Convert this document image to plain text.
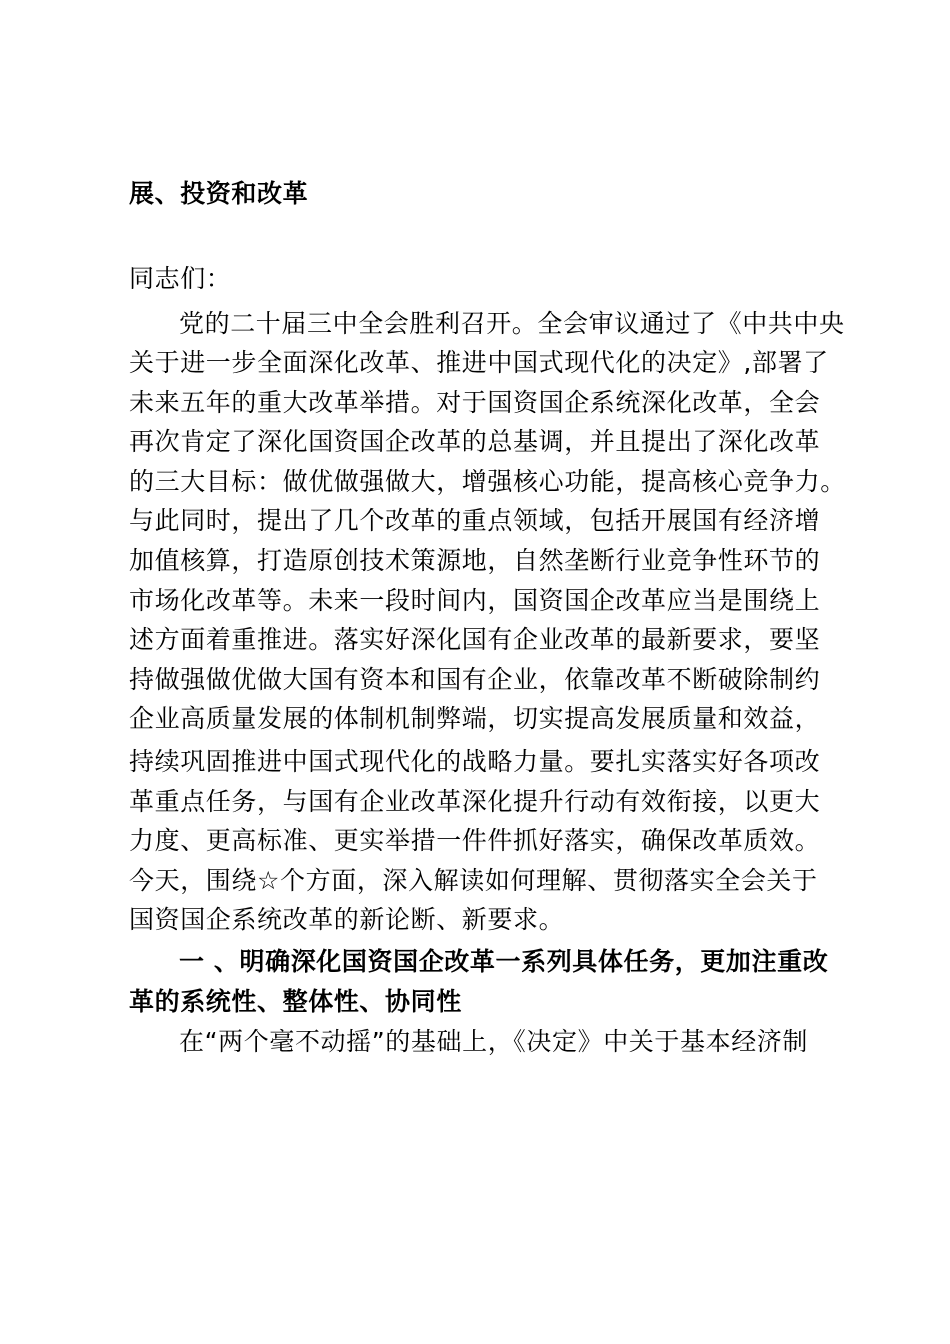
展、投资和改革
同志们：
党的二十届三中全会胜利召开。全会审议通过了《中共中央
关于进一步全面深化改革、推进中国式现代化的决定》,部署了
未来五年的重大改革举措。对于国资国企系统深化改革，全会
再次肯定了深化国资国企改革的总基调，并且提出了深化改革
的三大目标：做优做强做大，增强核心功能，提高核心竞争力。
与此同时，提出了几个改革的重点领域，包括开展国有经济增
加值核算，打造原创技术策源地，自然垄断行业竞争性环节的
市场化改革等。未来一段时间内，国资国企改革应当是围绕上
述方面着重推进。落实好深化国有企业改革的最新要求，要坚
持做强做优做大国有资本和国有企业，依靠改革不断破除制约
企业高质量发展的体制机制弊端，切实提高发展质量和效益，
持续巩固推进中国式现代化的战略力量。要扎实落实好各项改
革重点任务，与国有企业改革深化提升行动有效衔接，以更大
力度、更高标准、更实举措一件件抓好落实，确保改革质效。
今天，围绕☆个方面，深入解读如何理解、贯彻落实全会关于
国资国企系统改革的新论断、新要求。
一 、明确深化国资国企改革一系列具体任务，更加注重改
革的系统性、整体性、协同性
在“两个毫不动摇”的基础上，《决定》中关于基本经济制
